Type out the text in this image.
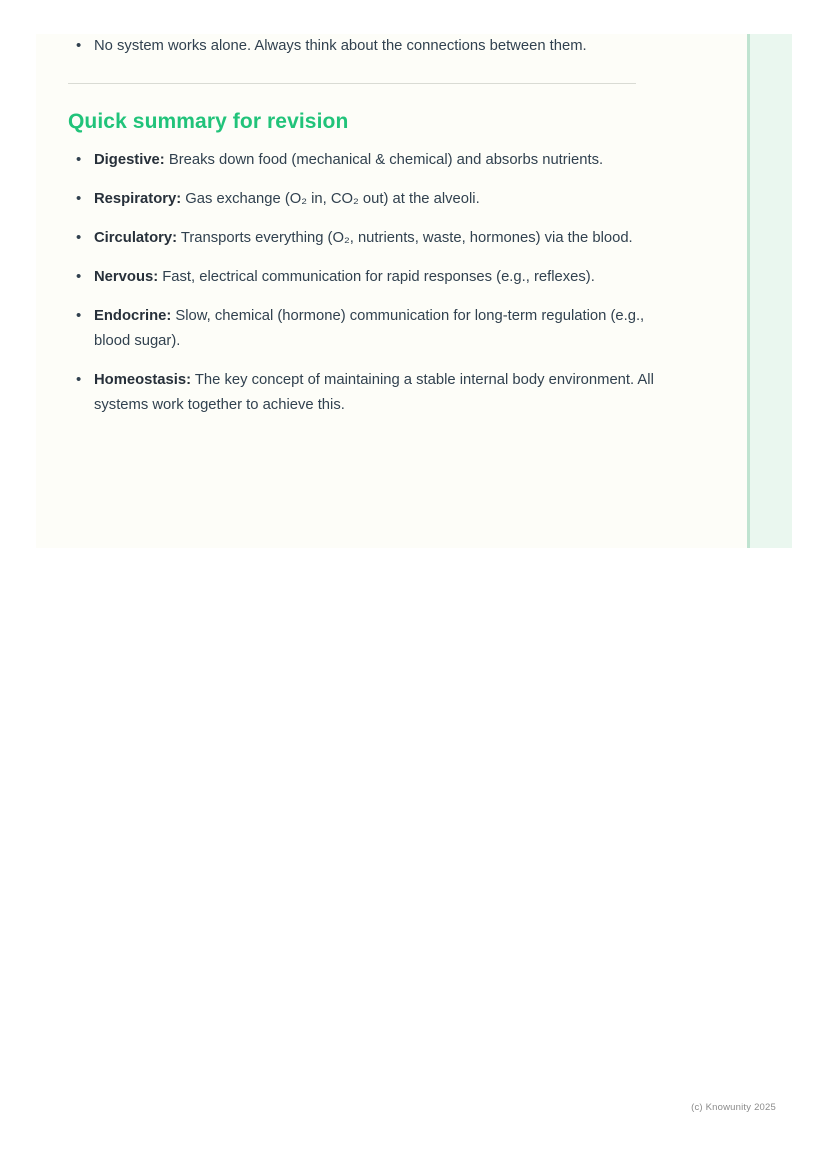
• No system works alone. Always think about the connections between them.
Quick summary for revision
• Digestive: Breaks down food (mechanical & chemical) and absorbs nutrients.
• Respiratory: Gas exchange (O₂ in, CO₂ out) at the alveoli.
• Circulatory: Transports everything (O₂, nutrients, waste, hormones) via the blood.
• Nervous: Fast, electrical communication for rapid responses (e.g., reflexes).
• Endocrine: Slow, chemical (hormone) communication for long-term regulation (e.g., blood sugar).
• Homeostasis: The key concept of maintaining a stable internal body environment. All systems work together to achieve this.
(c) Knowunity 2025
